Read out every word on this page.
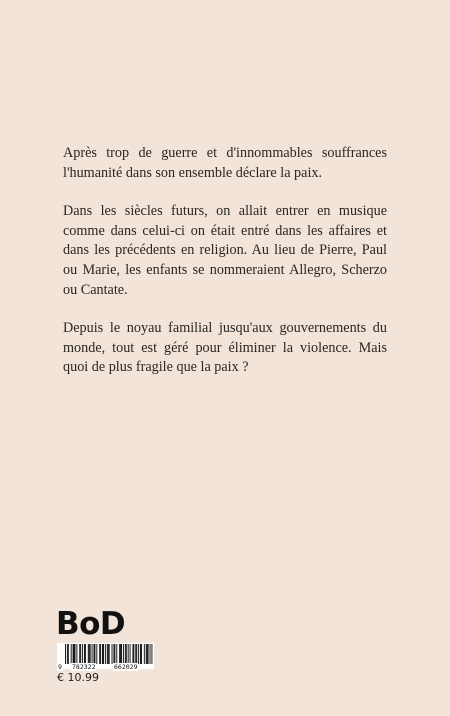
Après trop de guerre et d'innommables souffrances l'humanité dans son ensemble déclare la paix.

Dans les siècles futurs, on allait entrer en musique comme dans celui-ci on était entré dans les affaires et dans les précédents en religion. Au lieu de Pierre, Paul ou Marie, les enfants se nommeraient Allegro, Scherzo ou Cantate.

Depuis le noyau familial jusqu'aux gouvernements du monde, tout est géré pour éliminer la violence. Mais quoi de plus fragile que la paix ?

BoD
9 782322	662029
€ 10.99
